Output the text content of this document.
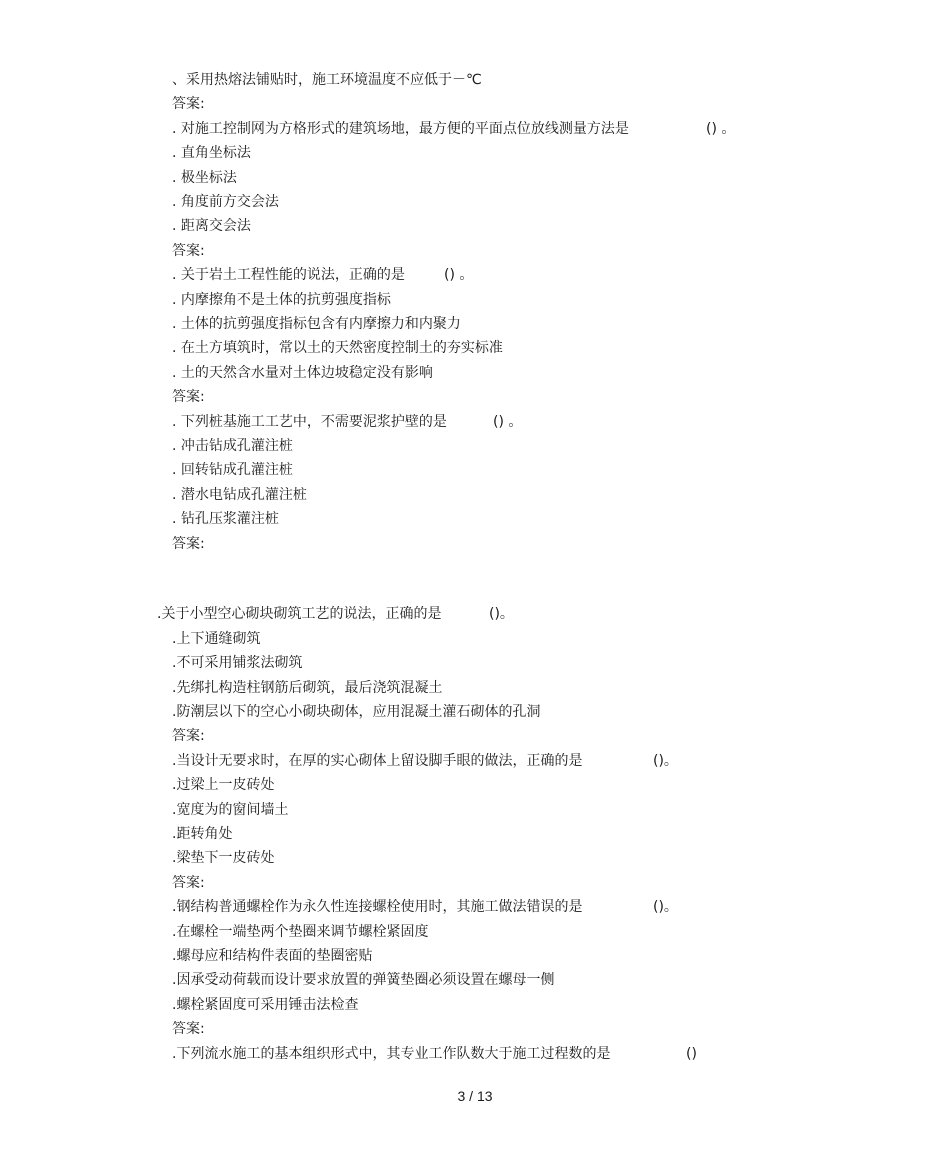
、采用热熔法铺贴时，施工环境温度不应低于－℃
答案:
. 对施工控制网为方格形式的建筑场地，最方便的平面点位放线测量方法是	() 。
. 直角坐标法
. 极坐标法
. 角度前方交会法
. 距离交会法
答案:
. 关于岩土工程性能的说法，正确的是	() 。
. 内摩擦角不是土体的抗剪强度指标
. 土体的抗剪强度指标包含有内摩擦力和内聚力
. 在土方填筑时，常以土的天然密度控制土的夯实标准
. 土的天然含水量对土体边坡稳定没有影响
答案:
. 下列桩基施工工艺中，不需要泥浆护壁的是	() 。
. 冲击钻成孔灌注桩
. 回转钻成孔灌注桩
. 潜水电钻成孔灌注桩
. 钻孔压浆灌注桩
答案:
.关于小型空心砌块砌筑工艺的说法，正确的是	()。
.上下通缝砌筑
.不可采用铺浆法砌筑
.先绑扎构造柱钢筋后砌筑，最后浇筑混凝土
.防潮层以下的空心小砌块砌体，应用混凝土灌石砌体的孔洞
答案:
.当设计无要求时，在厚的实心砌体上留设脚手眼的做法，正确的是	()。
.过梁上一皮砖处
.宽度为的窗间墙土
.距转角处
.梁垫下一皮砖处
答案:
.钢结构普通螺栓作为永久性连接螺栓使用时，其施工做法错误的是	()。
.在螺栓一端垫两个垫圈来调节螺栓紧固度
.螺母应和结构件表面的垫圈密贴
.因承受动荷载而设计要求放置的弹簧垫圈必须设置在螺母一侧
.螺栓紧固度可采用锤击法检查
答案:
.下列流水施工的基本组织形式中，其专业工作队数大于施工过程数的是	()
3 / 13
